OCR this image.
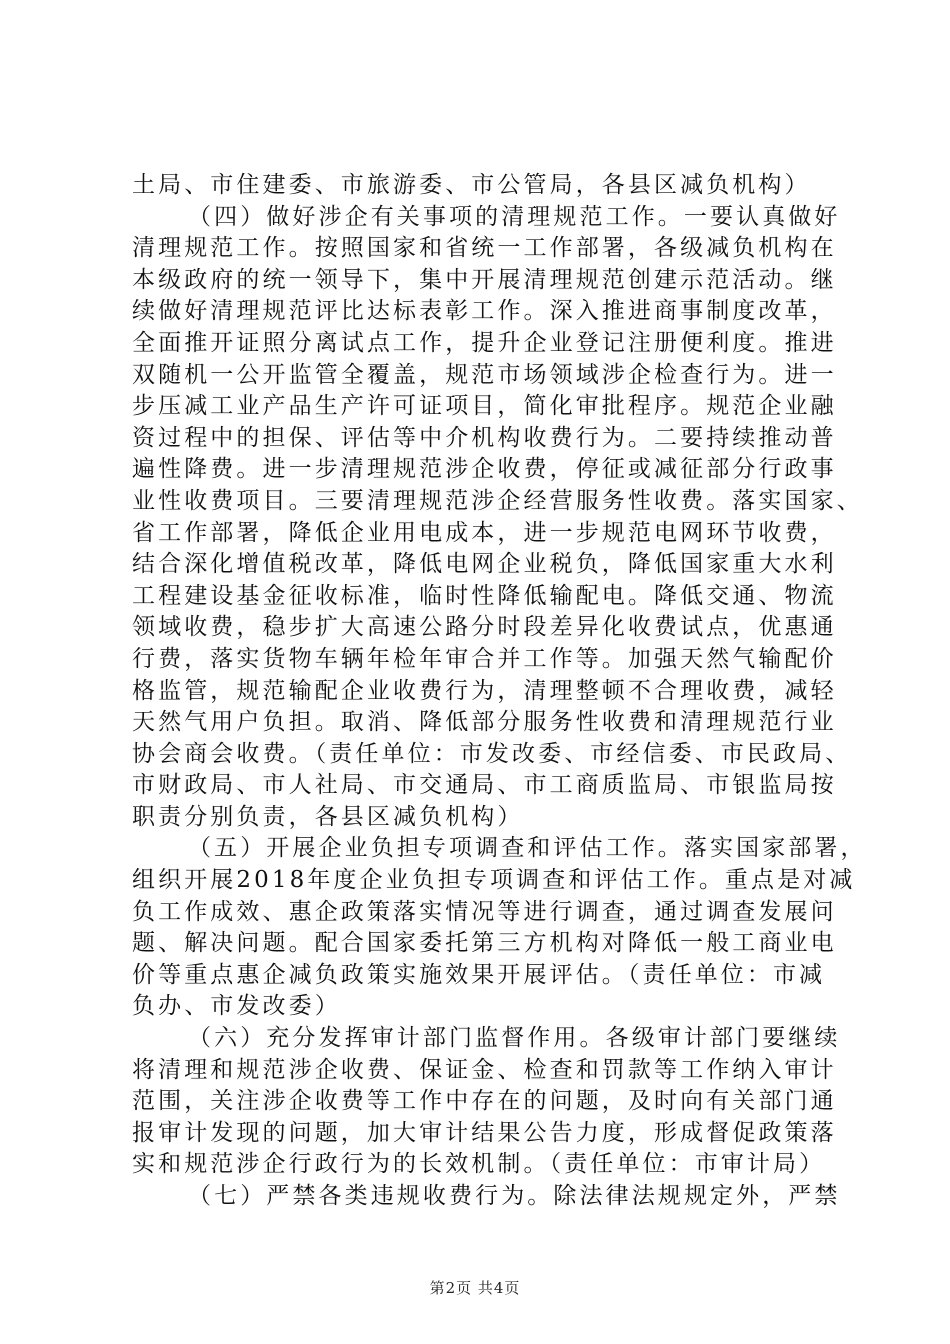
土局、市住建委、市旅游委、市公管局，各县区减负机构）
（四）做好涉企有关事项的清理规范工作。一要认真做好
清理规范工作。按照国家和省统一工作部署，各级减负机构在
本级政府的统一领导下，集中开展清理规范创建示范活动。继
续做好清理规范评比达标表彰工作。深入推进商事制度改革，
全面推开证照分离试点工作，提升企业登记注册便利度。推进
双随机一公开监管全覆盖，规范市场领域涉企检查行为。进一
步压减工业产品生产许可证项目，简化审批程序。规范企业融
资过程中的担保、评估等中介机构收费行为。二要持续推动普
遍性降费。进一步清理规范涉企收费，停征或减征部分行政事
业性收费项目。三要清理规范涉企经营服务性收费。落实国家、
省工作部署，降低企业用电成本，进一步规范电网环节收费，
结合深化增值税改革，降低电网企业税负，降低国家重大水利
工程建设基金征收标准，临时性降低输配电。降低交通、物流
领域收费，稳步扩大高速公路分时段差异化收费试点，优惠通
行费，落实货物车辆年检年审合并工作等。加强天然气输配价
格监管，规范输配企业收费行为，清理整顿不合理收费，减轻
天然气用户负担。取消、降低部分服务性收费和清理规范行业
协会商会收费。（责任单位：市发改委、市经信委、市民政局、
市财政局、市人社局、市交通局、市工商质监局、市银监局按
职责分别负责，各县区减负机构）
（五）开展企业负担专项调查和评估工作。落实国家部署，
组织开展2018年度企业负担专项调查和评估工作。重点是对减
负工作成效、惠企政策落实情况等进行调查，通过调查发展问
题、解决问题。配合国家委托第三方机构对降低一般工商业电
价等重点惠企减负政策实施效果开展评估。（责任单位：市减
负办、市发改委）
（六）充分发挥审计部门监督作用。各级审计部门要继续
将清理和规范涉企收费、保证金、检查和罚款等工作纳入审计
范围，关注涉企收费等工作中存在的问题，及时向有关部门通
报审计发现的问题，加大审计结果公告力度，形成督促政策落
实和规范涉企行政行为的长效机制。（责任单位：市审计局）
（七）严禁各类违规收费行为。除法律法规规定外，严禁
第2页 共4页
